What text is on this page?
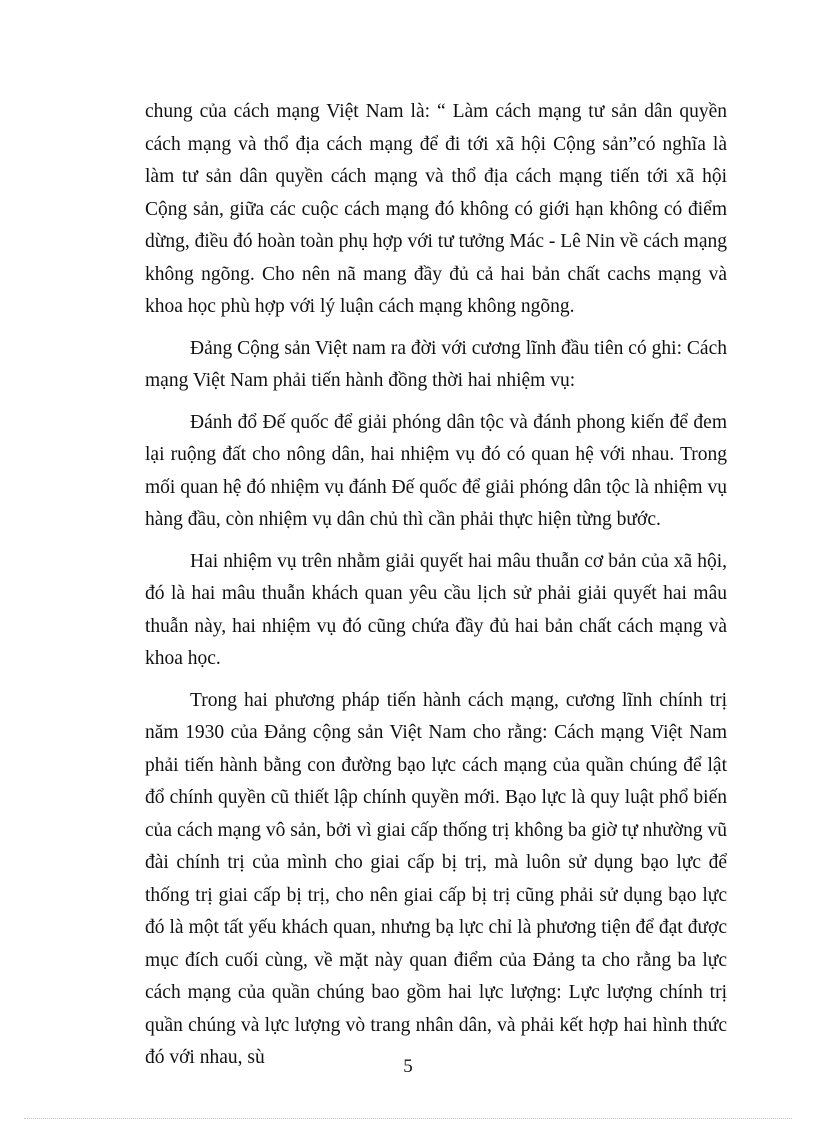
chung của cách mạng Việt Nam là: “ Làm cách mạng tư sản dân quyền cách mạng và thổ địa cách mạng để đi tới xã hội Cộng sản”có nghĩa là làm tư sản dân quyền cách mạng và thổ địa cách mạng tiến tới xã hội Cộng sản, giữa các cuộc cách mạng đó không có giới hạn không có điểm dừng, điều đó hoàn toàn phụ hợp với tư tưởng Mác - Lê Nin về cách mạng không ngõng. Cho nên nã mang đầy đủ cả hai bản chất cachs mạng và khoa học phù hợp với lý luận cách mạng không ngõng.

Đảng Cộng sản Việt nam ra đời với cương lĩnh đầu tiên có ghi: Cách mạng Việt Nam phải tiến hành đồng thời hai nhiệm vụ:

Đánh đổ Đế quốc để giải phóng dân tộc và đánh phong kiến để đem lại ruộng đất cho nông dân, hai nhiệm vụ đó có quan hệ với nhau. Trong mối quan hệ đó nhiệm vụ đánh Đế quốc để giải phóng dân tộc là nhiệm vụ hàng đầu, còn nhiệm vụ dân chủ thì cần phải thực hiện từng bước.

Hai nhiệm vụ trên nhằm giải quyết hai mâu thuẫn cơ bản của xã hội, đó là hai mâu thuẫn khách quan yêu cầu lịch sử phải giải quyết hai mâu thuẫn này, hai nhiệm vụ đó cũng chứa đầy đủ hai bản chất cách mạng và khoa học.

Trong hai phương pháp tiến hành cách mạng, cương lĩnh chính trị năm 1930 của Đảng cộng sản Việt Nam cho rằng: Cách mạng Việt Nam phải tiến hành bằng con đường bạo lực cách mạng của quần chúng để lật đổ chính quyền cũ thiết lập chính quyền mới. Bạo lực là quy luật phổ biến của cách mạng vô sản, bởi vì giai cấp thống trị không ba giờ tự nhường vũ đài chính trị của mình cho giai cấp bị trị, mà luôn sử dụng bạo lực để thống trị giai cấp bị trị, cho nên giai cấp bị trị cũng phải sử dụng bạo lực đó là một tất yếu khách quan, nhưng bạ lực chỉ là phương tiện để đạt được mục đích cuối cùng, về mặt này quan điểm của Đảng ta cho rằng ba lực cách mạng của quần chúng bao gồm hai lực lượng: Lực lượng chính trị quần chúng và lực lượng vò trang nhân dân, và phải kết hợp hai hình thức đó với nhau, sù	5
